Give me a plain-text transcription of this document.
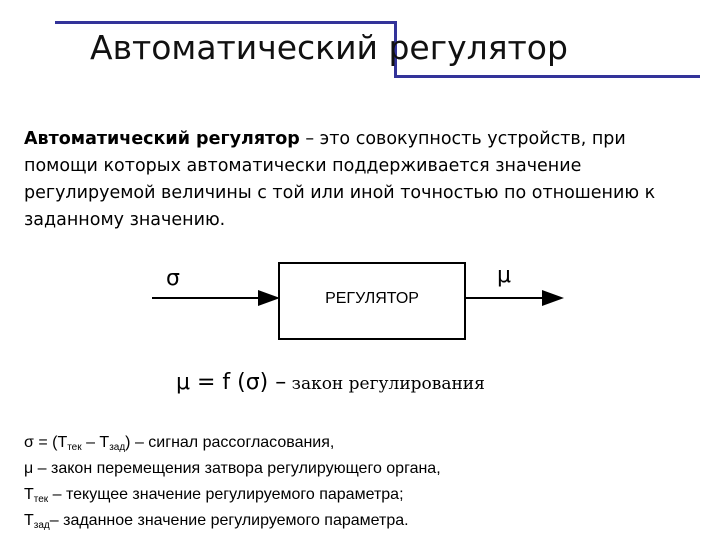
Автоматический регулятор
Автоматический регулятор – это совокупность устройств, при помощи которых автоматически поддерживается значение регулируемой величины с той или иной точностью по отношению к заданному значению.
РЕГУЛЯТОР
σ	μ
μ = f (σ) – закон регулирования
$\sigma = (T_{тек} - T_{зад})$ – сигнал рассогласования,
μ – закон перемещения затвора регулирующего органа,
$T_{тек}$ – текущее значение регулируемого параметра;
$T_{зад}-$ заданное значение регулируемого параметра.
